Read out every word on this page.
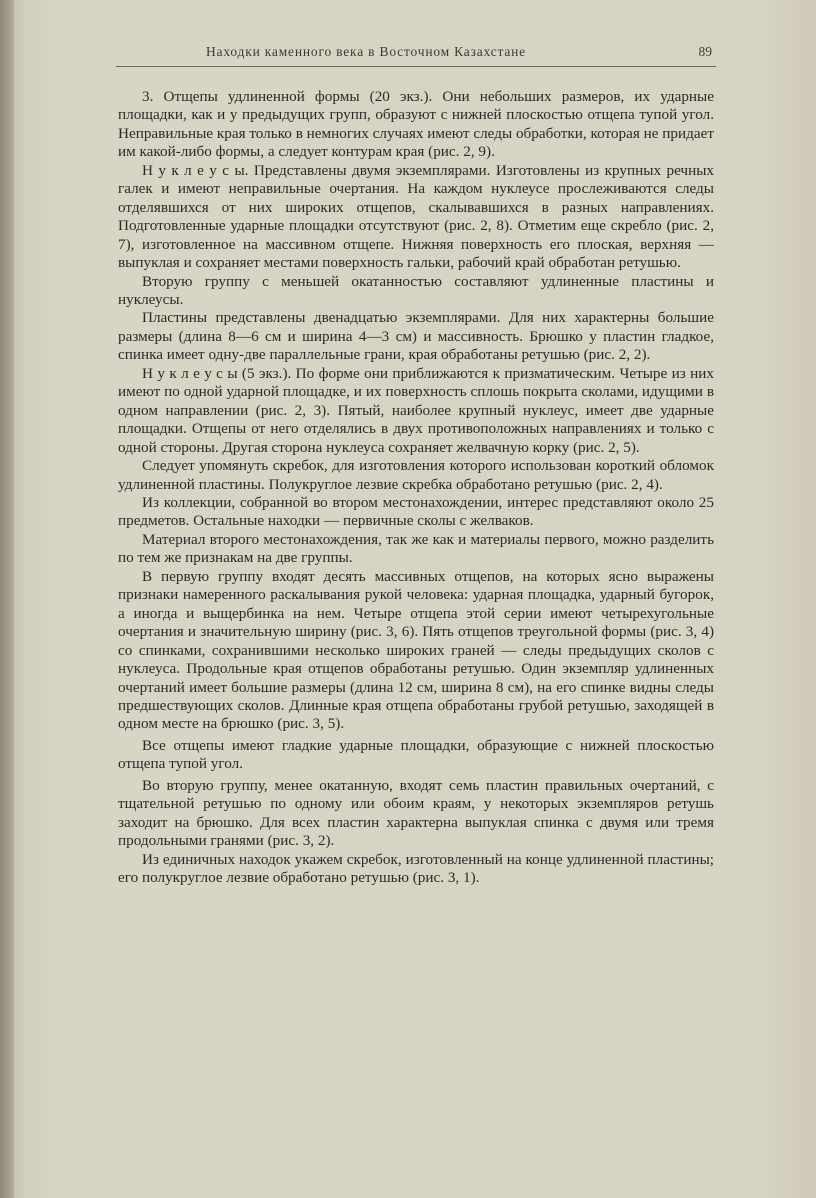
Находки каменного века в Восточном Казахстане	89

3. Отщепы удлиненной формы (20 экз.). Они небольших размеров, их ударные площадки, как и у предыдущих групп, образуют с нижней плоскостью отщепа тупой угол. Неправильные края только в немногих случаях имеют следы обработки, которая не придает им какой-либо формы, а следует контурам края (рис. 2, 9).

Н у к л е у с ы. Представлены двумя экземплярами. Изготовлены из крупных речных галек и имеют неправильные очертания. На каждом нуклеусе прослеживаются следы отделявшихся от них широких отщепов, скалывавшихся в разных направлениях. Подготовленные ударные площадки отсутствуют (рис. 2, 8). Отметим еще скребло (рис. 2, 7), изготовленное на массивном отщепе. Нижняя поверхность его плоская, верхняя — выпуклая и сохраняет местами поверхность гальки, рабочий край обработан ретушью.

Вторую группу с меньшей окатанностью составляют удлиненные пластины и нуклеусы.

Пластины представлены двенадцатью экземплярами. Для них характерны большие размеры (длина 8—6 см и ширина 4—3 см) и массивность. Брюшко у пластин гладкое, спинка имеет одну-две параллельные грани, края обработаны ретушью (рис. 2, 2).

Н у к л е у с ы (5 экз.). По форме они приближаются к призматическим. Четыре из них имеют по одной ударной площадке, и их поверхность сплошь покрыта сколами, идущими в одном направлении (рис. 2, 3). Пятый, наиболее крупный нуклеус, имеет две ударные площадки. Отщепы от него отделялись в двух противоположных направлениях и только с одной стороны. Другая сторона нуклеуса сохраняет желвачную корку (рис. 2, 5).

Следует упомянуть скребок, для изготовления которого использован короткий обломок удлиненной пластины. Полукруглое лезвие скребка обработано ретушью (рис. 2, 4).

Из коллекции, собранной во втором местонахождении, интерес представляют около 25 предметов. Остальные находки — первичные сколы с желваков.

Материал второго местонахождения, так же как и материалы первого, можно разделить по тем же признакам на две группы.

В первую группу входят десять массивных отщепов, на которых ясно выражены признаки намеренного раскалывания рукой человека: ударная площадка, ударный бугорок, а иногда и выщербинка на нем. Четыре отщепа этой серии имеют четырехугольные очертания и значительную ширину (рис. 3, 6). Пять отщепов треугольной формы (рис. 3, 4) со спинками, сохранившими несколько широких граней — следы предыдущих сколов с нуклеуса. Продольные края отщепов обработаны ретушью. Один экземпляр удлиненных очертаний имеет большие размеры (длина 12 см, ширина 8 см), на его спинке видны следы предшествующих сколов. Длинные края отщепа обработаны грубой ретушью, заходящей в одном месте на брюшко (рис. 3, 5).

Все отщепы имеют гладкие ударные площадки, образующие с нижней плоскостью отщепа тупой угол.

Во вторую группу, менее окатанную, входят семь пластин правильных очертаний, с тщательной ретушью по одному или обоим краям, у некоторых экземпляров ретушь заходит на брюшко. Для всех пластин характерна выпуклая спинка с двумя или тремя продольными гранями (рис. 3, 2).

Из единичных находок укажем скребок, изготовленный на конце удлиненной пластины; его полукруглое лезвие обработано ретушью (рис. 3, 1).
